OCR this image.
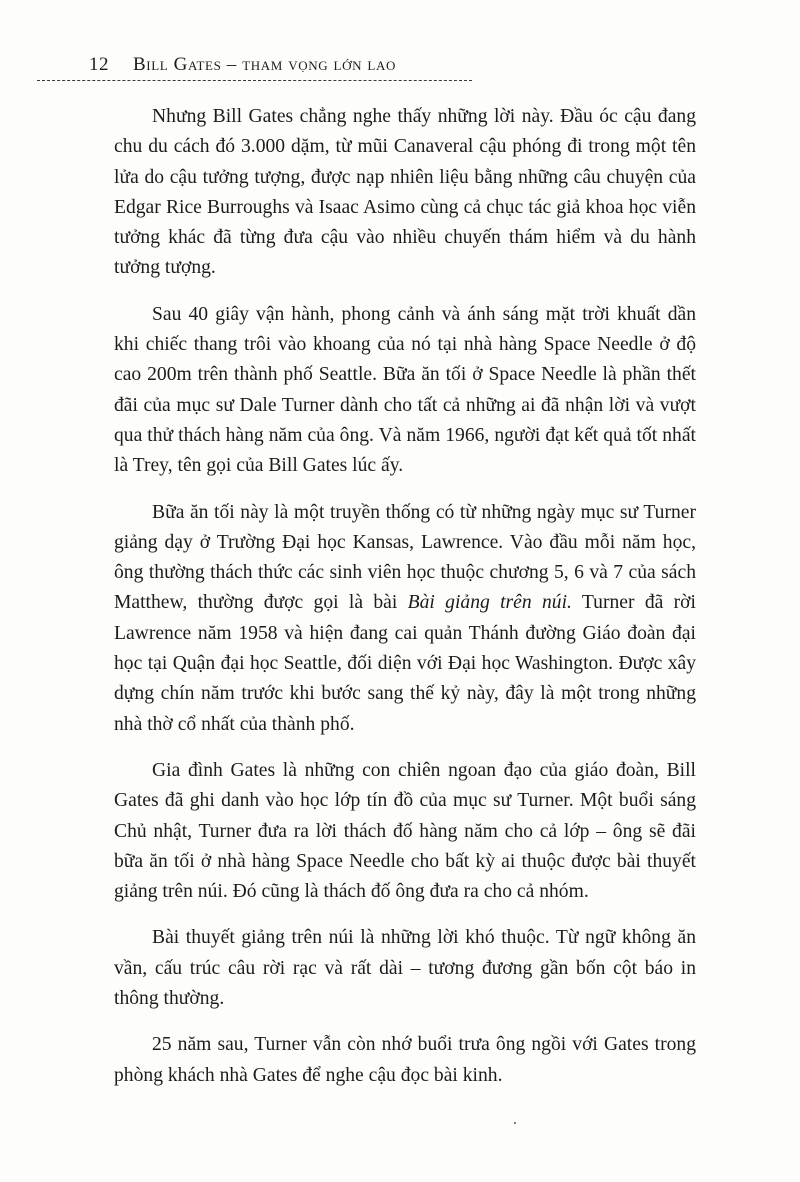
12 Bill Gates – tham vọng lớn lao

Nhưng Bill Gates chẳng nghe thấy những lời này. Đầu óc cậu đang chu du cách đó 3.000 dặm, từ mũi Canaveral cậu phóng đi trong một tên lửa do cậu tưởng tượng, được nạp nhiên liệu bằng những câu chuyện của Edgar Rice Burroughs và Isaac Asimo cùng cả chục tác giả khoa học viễn tưởng khác đã từng đưa cậu vào nhiều chuyến thám hiểm và du hành tưởng tượng.

Sau 40 giây vận hành, phong cảnh và ánh sáng mặt trời khuất dần khi chiếc thang trôi vào khoang của nó tại nhà hàng Space Needle ở độ cao 200m trên thành phố Seattle. Bữa ăn tối ở Space Needle là phần thết đãi của mục sư Dale Turner dành cho tất cả những ai đã nhận lời và vượt qua thử thách hàng năm của ông. Và năm 1966, người đạt kết quả tốt nhất là Trey, tên gọi của Bill Gates lúc ấy.

Bữa ăn tối này là một truyền thống có từ những ngày mục sư Turner giảng dạy ở Trường Đại học Kansas, Lawrence. Vào đầu mỗi năm học, ông thường thách thức các sinh viên học thuộc chương 5, 6 và 7 của sách Matthew, thường được gọi là bài Bài giảng trên núi. Turner đã rời Lawrence năm 1958 và hiện đang cai quản Thánh đường Giáo đoàn đại học tại Quận đại học Seattle, đối diện với Đại học Washington. Được xây dựng chín năm trước khi bước sang thế kỷ này, đây là một trong những nhà thờ cổ nhất của thành phố.

Gia đình Gates là những con chiên ngoan đạo của giáo đoàn, Bill Gates đã ghi danh vào học lớp tín đồ của mục sư Turner. Một buổi sáng Chủ nhật, Turner đưa ra lời thách đố hàng năm cho cả lớp – ông sẽ đãi bữa ăn tối ở nhà hàng Space Needle cho bất kỳ ai thuộc được bài thuyết giảng trên núi. Đó cũng là thách đố ông đưa ra cho cả nhóm.

Bài thuyết giảng trên núi là những lời khó thuộc. Từ ngữ không ăn vần, cấu trúc câu rời rạc và rất dài – tương đương gần bốn cột báo in thông thường.

25 năm sau, Turner vẫn còn nhớ buổi trưa ông ngồi với Gates trong phòng khách nhà Gates để nghe cậu đọc bài kinh.
